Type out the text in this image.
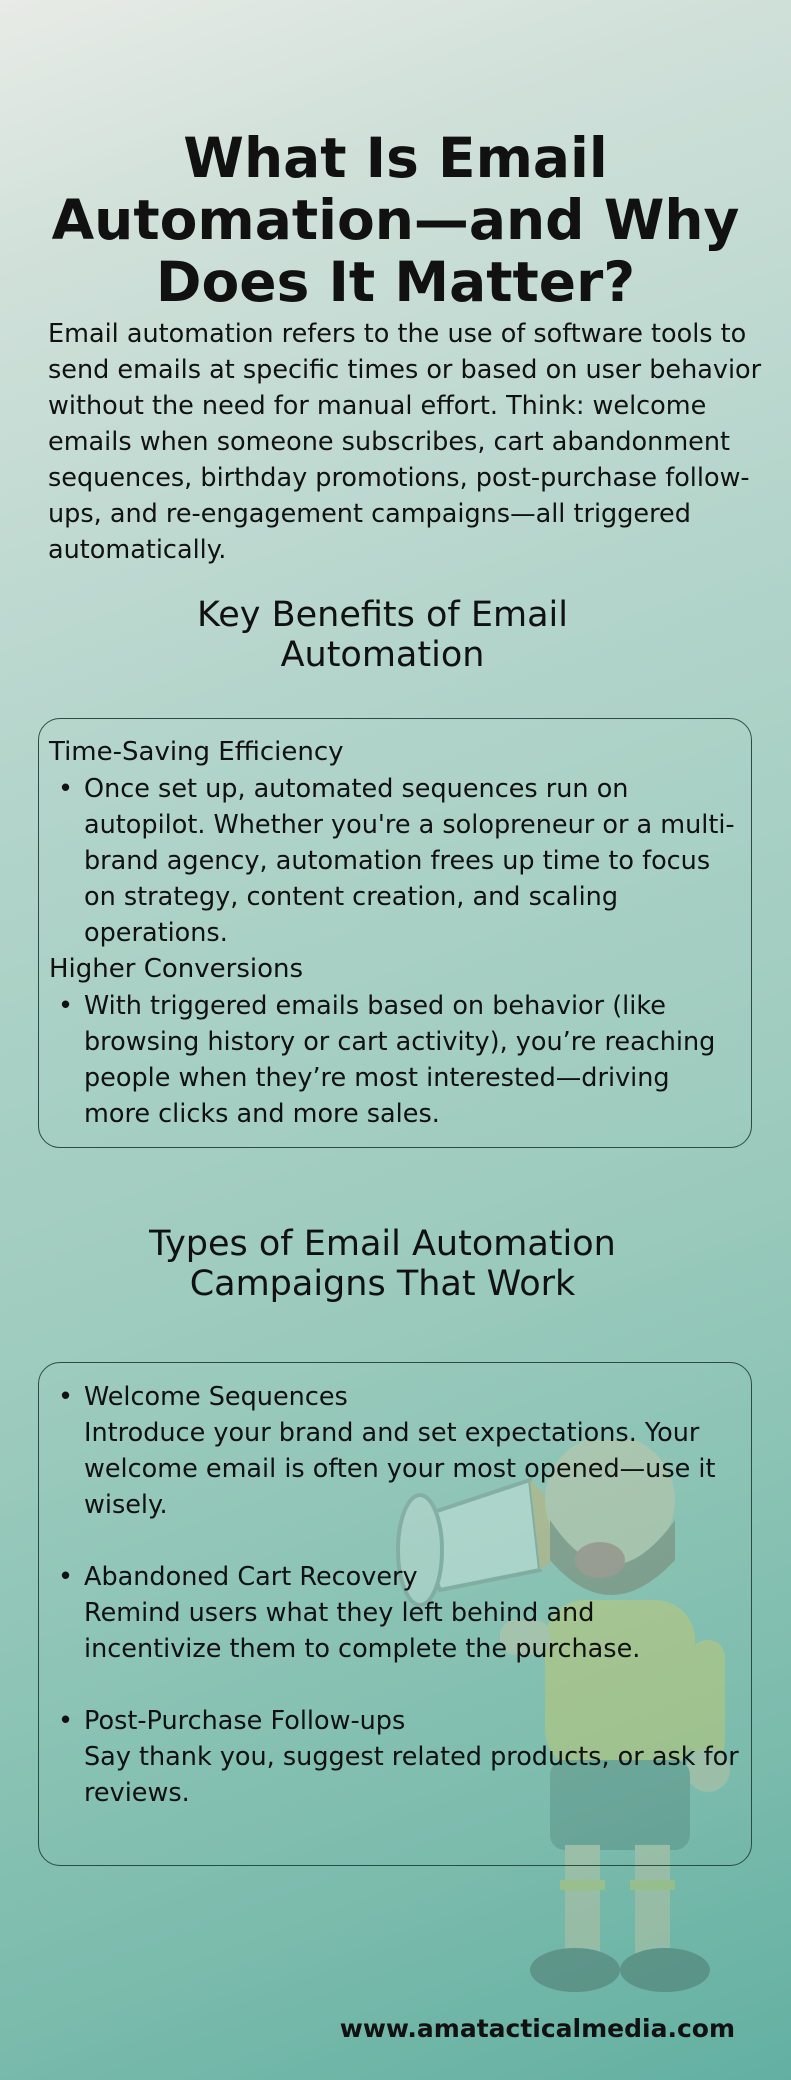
What Is Email
Automation—and Why
Does It Matter?

Email automation refers to the use of software tools to send emails at specific times or based on user behavior without the need for manual effort. Think: welcome emails when someone subscribes, cart abandonment sequences, birthday promotions, post-purchase follow-ups, and re-engagement campaigns—all triggered automatically.

Key Benefits of Email
Automation
Time-Saving Efficiency
• Once set up, automated sequences run on autopilot. Whether you're a solopreneur or a multi-brand agency, automation frees up time to focus on strategy, content creation, and scaling operations.
Higher Conversions
• With triggered emails based on behavior (like browsing history or cart activity), you’re reaching people when they’re most interested—driving more clicks and more sales.
Types of Email Automation
Campaigns That Work
• Welcome Sequences
Introduce your brand and set expectations. Your welcome email is often your most opened—use it wisely.
• Abandoned Cart Recovery
Remind users what they left behind and incentivize them to complete the purchase.
• Post-Purchase Follow-ups
Say thank you, suggest related products, or ask for reviews.
www.amatacticalmedia.com
